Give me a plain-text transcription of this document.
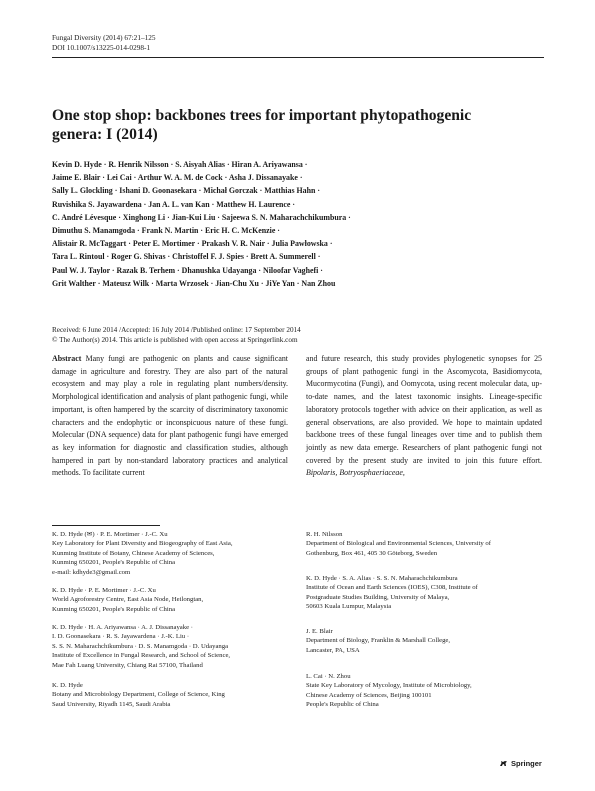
Fungal Diversity (2014) 67:21–125
DOI 10.1007/s13225-014-0298-1
One stop shop: backbones trees for important phytopathogenic
genera: I (2014)
Kevin D. Hyde · R. Henrik Nilsson · S. Aisyah Alias · Hiran A. Ariyawansa ·
Jaime E. Blair · Lei Cai · Arthur W. A. M. de Cock · Asha J. Dissanayake ·
Sally L. Glockling · Ishani D. Goonasekara · Michał Gorczak · Matthias Hahn ·
Ruvishika S. Jayawardena · Jan A. L. van Kan · Matthew H. Laurence ·
C. André Lévesque · Xinghong Li · Jian-Kui Liu · Sajeewa S. N. Maharachchikumbura ·
Dimuthu S. Manamgoda · Frank N. Martin · Eric H. C. McKenzie ·
Alistair R. McTaggart · Peter E. Mortimer · Prakash V. R. Nair · Julia Pawłowska ·
Tara L. Rintoul · Roger G. Shivas · Christoffel F. J. Spies · Brett A. Summerell ·
Paul W. J. Taylor · Razak B. Terhem · Dhanushka Udayanga · Niloofar Vaghefi ·
Grit Walther · Mateusz Wilk · Marta Wrzosek · Jian-Chu Xu · JiYe Yan · Nan Zhou
Received: 6 June 2014 /Accepted: 16 July 2014 /Published online: 17 September 2014
© The Author(s) 2014. This article is published with open access at Springerlink.com
Abstract Many fungi are pathogenic on plants and cause significant damage in agriculture and forestry. They are also part of the natural ecosystem and may play a role in regulating plant numbers/density. Morphological identification and analysis of plant pathogenic fungi, while important, is often hampered by the scarcity of discriminatory taxonomic characters and the endophytic or inconspicuous nature of these fungi. Molecular (DNA sequence) data for plant pathogenic fungi have emerged as key information for diagnostic and classification studies, although hampered in part by non-standard laboratory practices and analytical methods. To facilitate current
and future research, this study provides phylogenetic synopses for 25 groups of plant pathogenic fungi in the Ascomycota, Basidiomycota, Mucormycotina (Fungi), and Oomycota, using recent molecular data, up-to-date names, and the latest taxonomic insights. Lineage-specific laboratory protocols together with advice on their application, as well as general observations, are also provided. We hope to maintain updated backbone trees of these fungal lineages over time and to publish them jointly as new data emerge. Researchers of plant pathogenic fungi not covered by the present study are invited to join this future effort. Bipolaris, Botryosphaeriaceae,
K. D. Hyde (✉) · P. E. Mortimer · J.-C. Xu
Key Laboratory for Plant Diversity and Biogeography of East Asia,
Kunming Institute of Botany, Chinese Academy of Sciences,
Kunming 650201, People's Republic of China
e-mail: kdhyde3@gmail.com
K. D. Hyde · P. E. Mortimer · J.-C. Xu
World Agroforestry Centre, East Asia Node, Heilongtan,
Kunming 650201, People's Republic of China
K. D. Hyde · H. A. Ariyawansa · A. J. Dissanayake ·
I. D. Goonasekara · R. S. Jayawardena · J.-K. Liu ·
S. S. N. Maharachchikumbura · D. S. Manamgoda · D. Udayanga
Institute of Excellence in Fungal Research, and School of Science,
Mae Fah Luang University, Chiang Rai 57100, Thailand
K. D. Hyde
Botany and Microbiology Department, College of Science, King
Saud University, Riyadh 1145, Saudi Arabia
R. H. Nilsson
Department of Biological and Environmental Sciences, University of
Gothenburg, Box 461, 405 30 Göteborg, Sweden
K. D. Hyde · S. A. Alias · S. S. N. Maharachchikumbura
Institute of Ocean and Earth Sciences (IOES), C308, Institute of
Postgraduate Studies Building, University of Malaya,
50603 Kuala Lumpur, Malaysia
J. E. Blair
Department of Biology, Franklin & Marshall College,
Lancaster, PA, USA
L. Cai · N. Zhou
State Key Laboratory of Mycology, Institute of Microbiology,
Chinese Academy of Sciences, Beijing 100101
People's Republic of China
Springer
